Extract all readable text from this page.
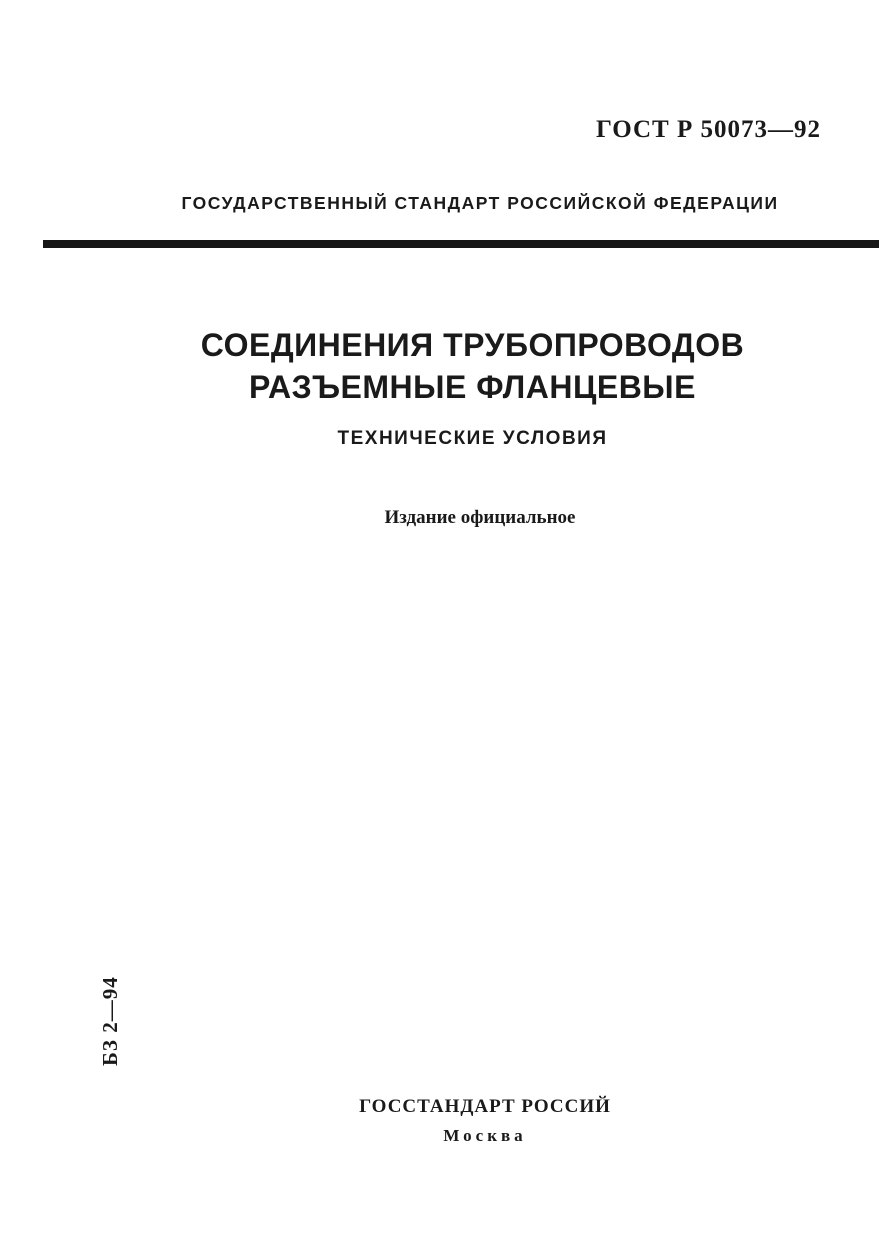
ГОСТ Р 50073—92
ГОСУДАРСТВЕННЫЙ СТАНДАРТ РОССИЙСКОЙ ФЕДЕРАЦИИ
СОЕДИНЕНИЯ ТРУБОПРОВОДОВ
РАЗЪЕМНЫЕ ФЛАНЦЕВЫЕ
ТЕХНИЧЕСКИЕ УСЛОВИЯ
Издание официальное
БЗ 2—94
ГОССТАНДАРТ РОССИЙ
Москва
